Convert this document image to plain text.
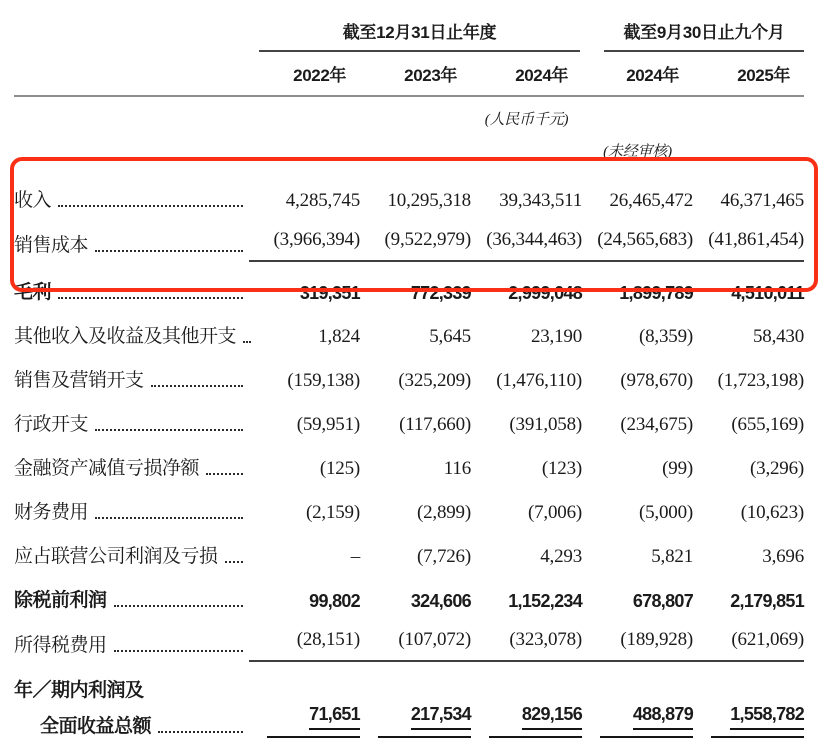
	截至12月31日止年度			截至9月30日止九个月	

	2022年	2023年	2024年	2024年	2025年

			(人民币千元)		

				(未经审核)	

收入	4,285,745	10,295,318	39,343,511	26,465,472	46,371,465

销售成本	(3,966,394)	(9,522,979)	(36,344,463)	(24,565,683)	(41,861,454)

毛利	319,351	772,339	2,999,048	1,899,789	4,510,011

其他收入及收益及其他开支	1,824	5,645	23,190	(8,359)	58,430

销售及营销开支	(159,138)	(325,209)	(1,476,110)	(978,670)	(1,723,198)

行政开支	(59,951)	(117,660)	(391,058)	(234,675)	(655,169)

金融资产减值亏损净额	(125)	116	(123)	(99)	(3,296)

财务费用	(2,159)	(2,899)	(7,006)	(5,000)	(10,623)

应占联营公司利润及亏损	–	(7,726)	4,293	5,821	3,696

除税前利润	99,802	324,606	1,152,234	678,807	2,179,851

所得税费用	(28,151)	(107,072)	(323,078)	(189,928)	(621,069)

年／期内利润及
全面收益总额	71,651	217,534	829,156	488,879	1,558,782
